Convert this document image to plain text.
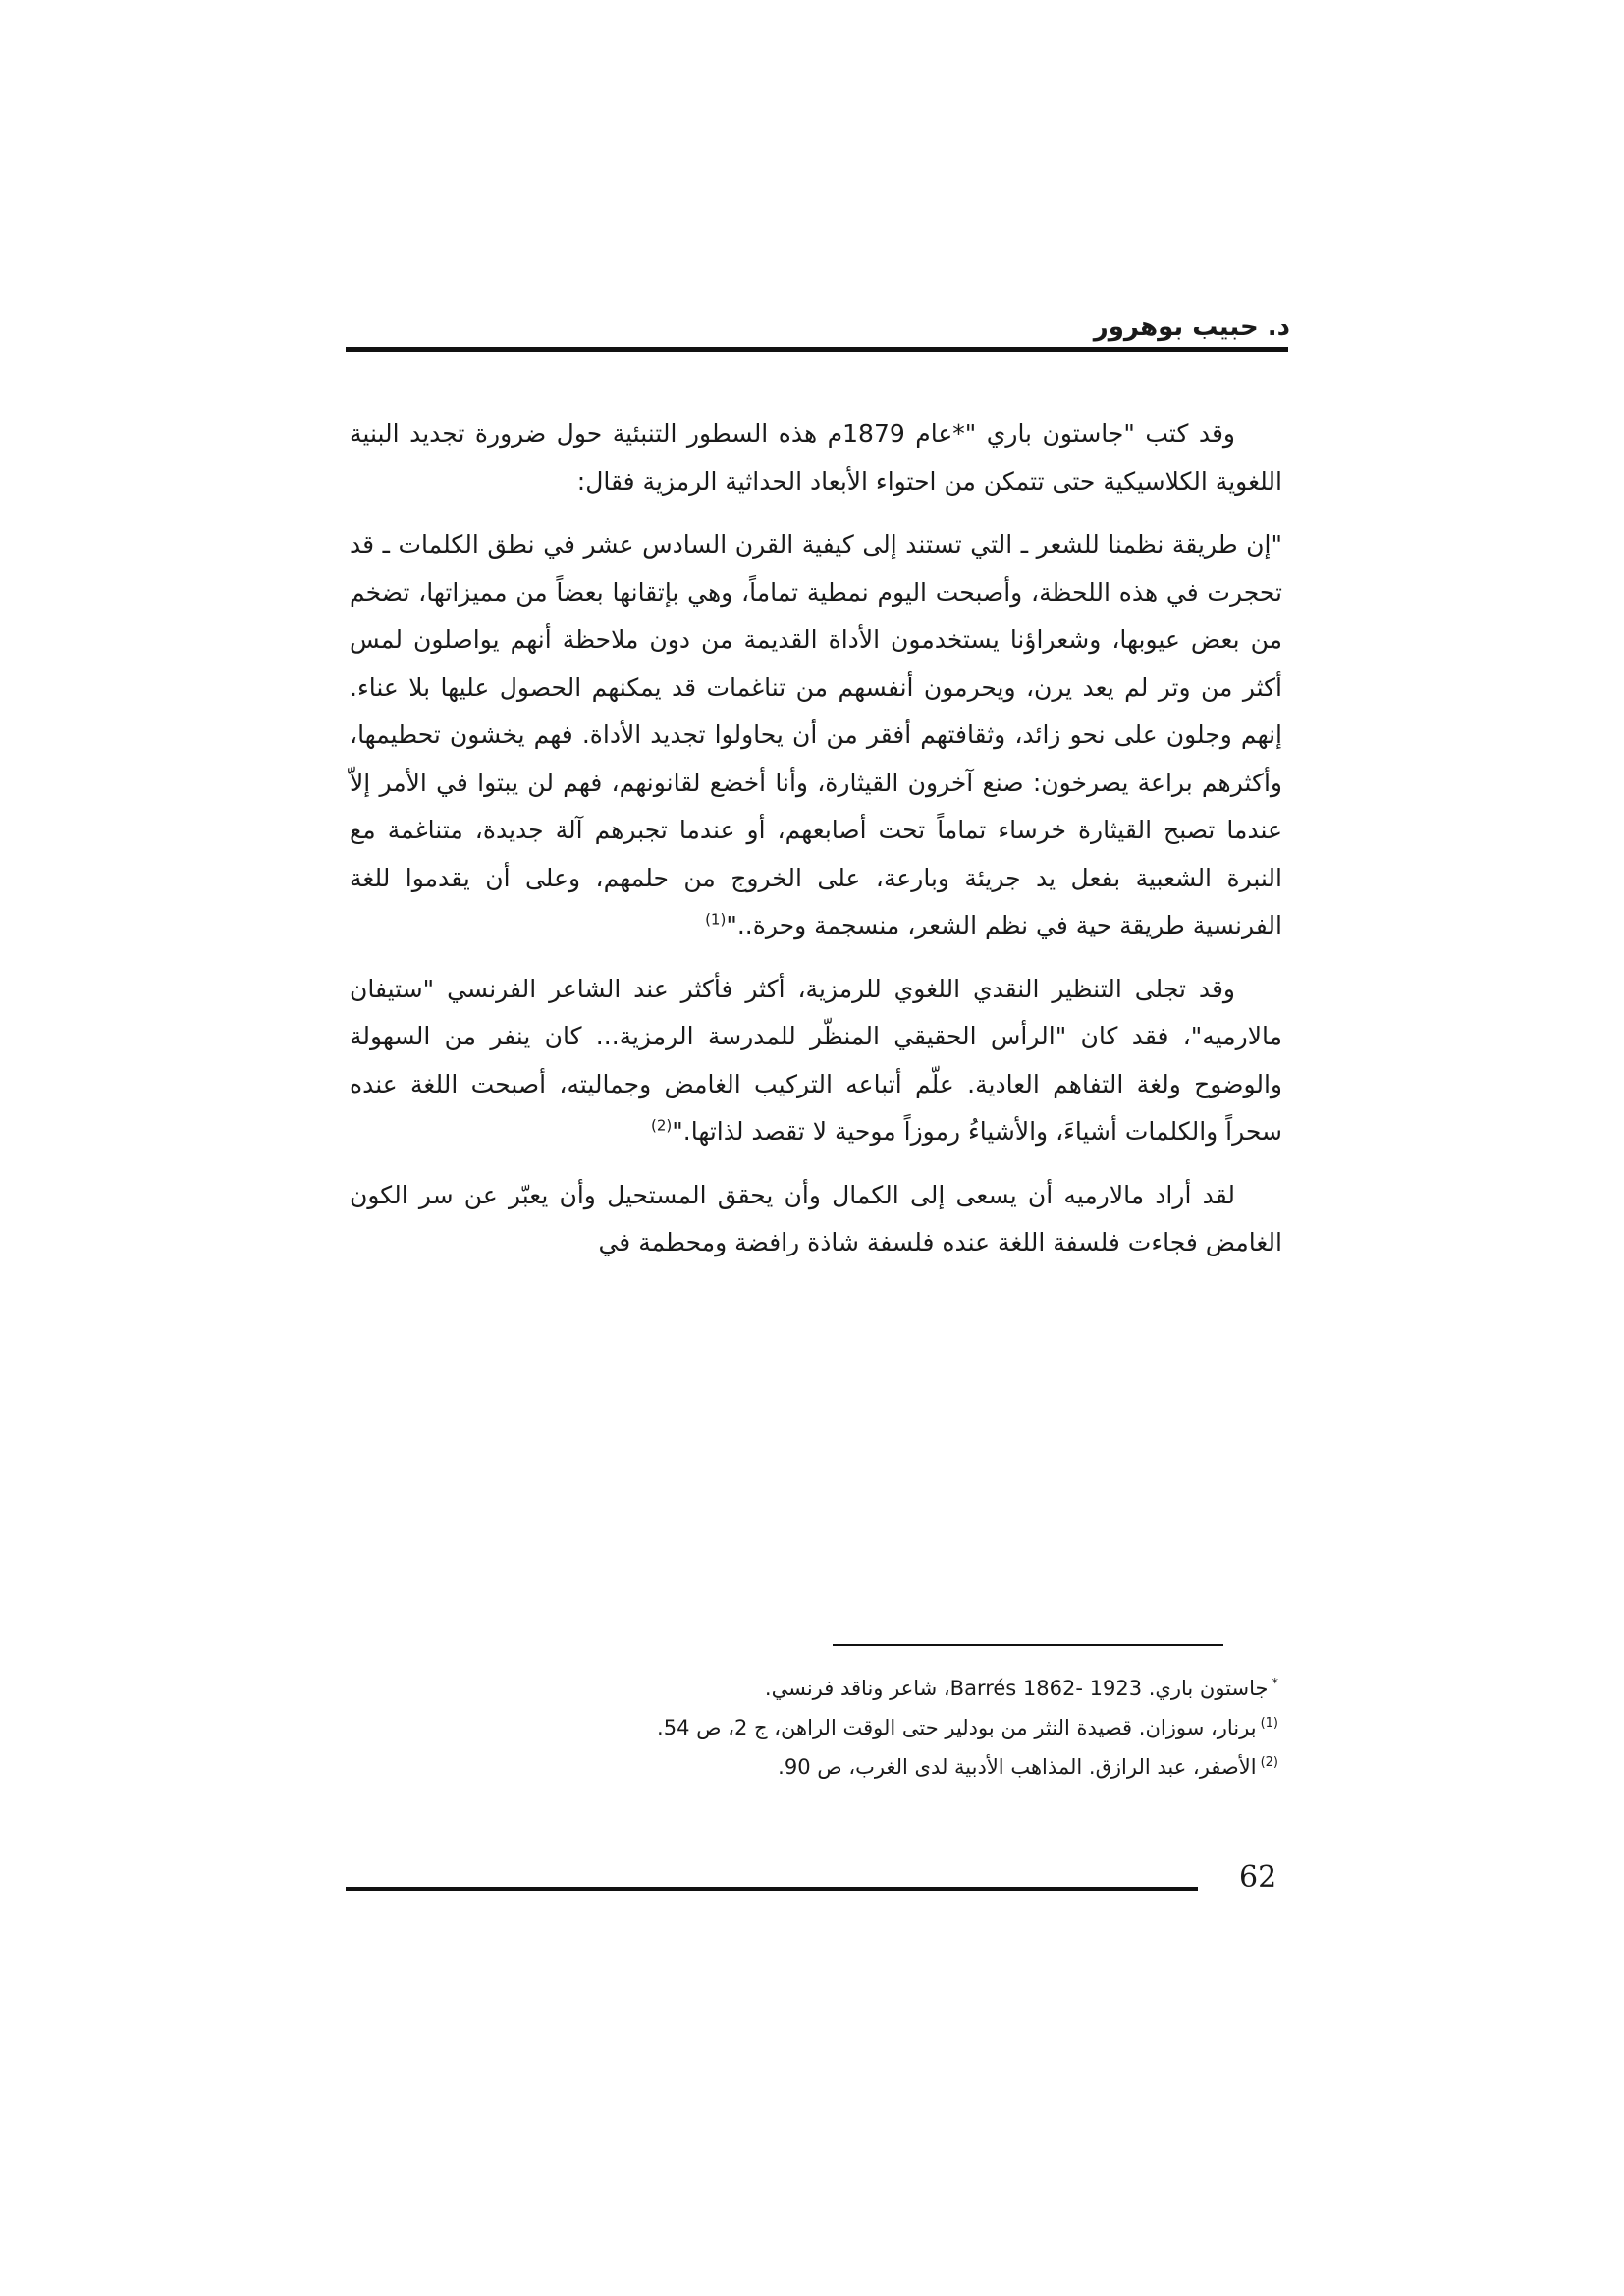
د. حبيب بوهرور

وقد كتب "جاستون باري "*عام 1879م هذه السطور التنبئية حول ضرورة تجديد البنية اللغوية الكلاسيكية حتى تتمكن من احتواء الأبعاد الحداثية الرمزية فقال:

"إن طريقة نظمنا للشعر ـ التي تستند إلى كيفية القرن السادس عشر في نطق الكلمات ـ قد تحجرت في هذه اللحظة، وأصبحت اليوم نمطية تماماً، وهي بإتقانها بعضاً من مميزاتها، تضخم من بعض عيوبها، وشعراؤنا يستخدمون الأداة القديمة من دون ملاحظة أنهم يواصلون لمس أكثر من وتر لم يعد يرن، ويحرمون أنفسهم من تناغمات قد يمكنهم الحصول عليها بلا عناء. إنهم وجلون على نحو زائد، وثقافتهم أفقر من أن يحاولوا تجديد الأداة. فهم يخشون تحطيمها، وأكثرهم براعة يصرخون: صنع آخرون القيثارة، وأنا أخضع لقانونهم، فهم لن يبتوا في الأمر إلاّ عندما تصبح القيثارة خرساء تماماً تحت أصابعهم، أو عندما تجبرهم آلة جديدة، متناغمة مع النبرة الشعبية بفعل يد جريئة وبارعة، على الخروج من حلمهم، وعلى أن يقدموا للغة الفرنسية طريقة حية في نظم الشعر، منسجمة وحرة.."$^{(1)}$

وقد تجلى التنظير النقدي اللغوي للرمزية، أكثر فأكثر عند الشاعر الفرنسي "ستيفان مالارميه"، فقد كان "الرأس الحقيقي المنظّر للمدرسة الرمزية... كان ينفر من السهولة والوضوح ولغة التفاهم العادية. علّم أتباعه التركيب الغامض وجماليته، أصبحت اللغة عنده سحراً والكلمات أشياءَ، والأشياءُ رموزاً موحية لا تقصد لذاتها."$^{(2)}$

لقد أراد مالارميه أن يسعى إلى الكمال وأن يحقق المستحيل وأن يعبّر عن سر الكون الغامض فجاءت فلسفة اللغة عنده فلسفة شاذة رافضة ومحطمة في

*جاستون باري. Barrés 1862- 1923، شاعر وناقد فرنسي.

$^{(1)}$برنار، سوزان. قصيدة النثر من بودلير حتى الوقت الراهن، ج 2، ص 54.

$^{(2)}$الأصفر، عبد الرازق. المذاهب الأدبية لدى الغرب، ص 90.

62
